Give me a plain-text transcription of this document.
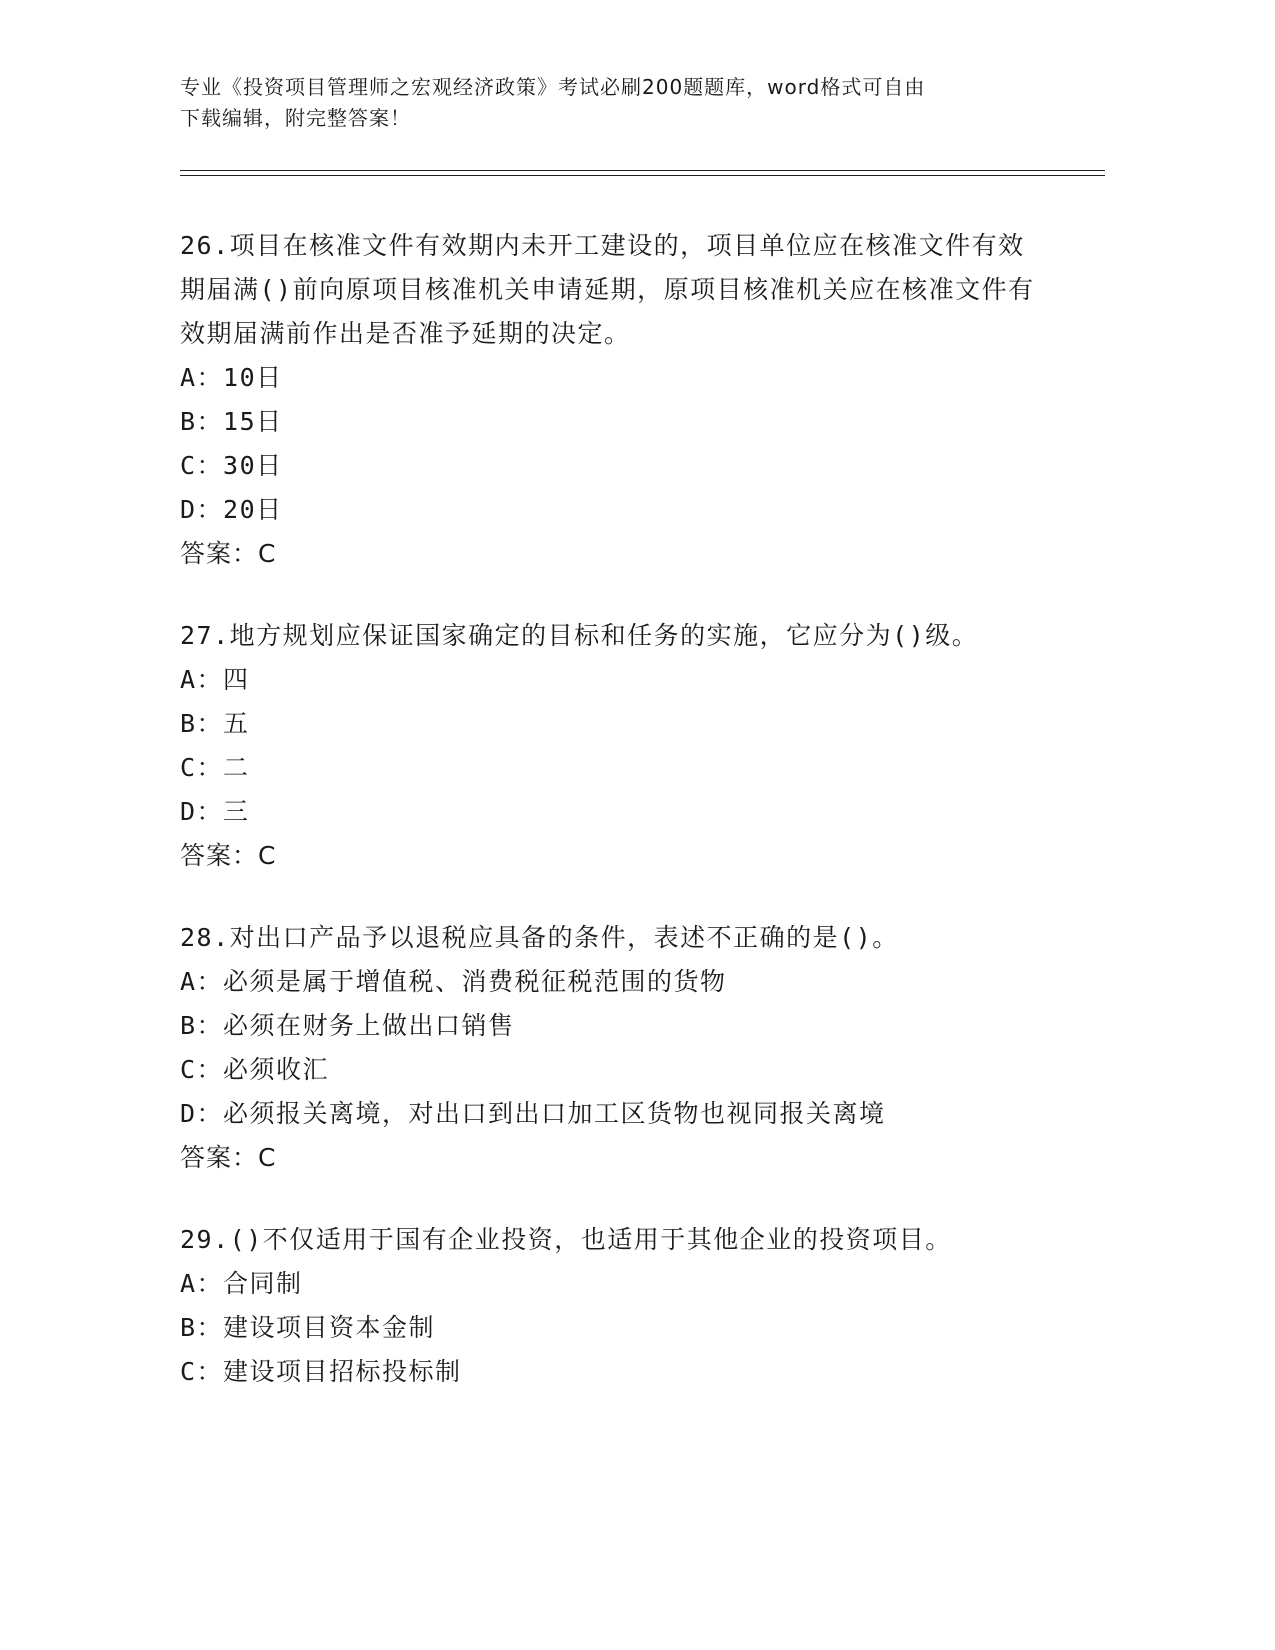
专业《投资项目管理师之宏观经济政策》考试必刷200题题库，word格式可自由
下载编辑，附完整答案！
26.项目在核准文件有效期内未开工建设的，项目单位应在核准文件有效期届满()前向原项目核准机关申请延期，原项目核准机关应在核准文件有效期届满前作出是否准予延期的决定。
A：10日
B：15日
C：30日
D：20日
答案：C
27.地方规划应保证国家确定的目标和任务的实施，它应分为()级。
A：四
B：五
C：二
D：三
答案：C
28.对出口产品予以退税应具备的条件，表述不正确的是()。
A：必须是属于增值税、消费税征税范围的货物
B：必须在财务上做出口销售
C：必须收汇
D：必须报关离境，对出口到出口加工区货物也视同报关离境
答案：C
29.()不仅适用于国有企业投资，也适用于其他企业的投资项目。
A：合同制
B：建设项目资本金制
C：建设项目招标投标制
